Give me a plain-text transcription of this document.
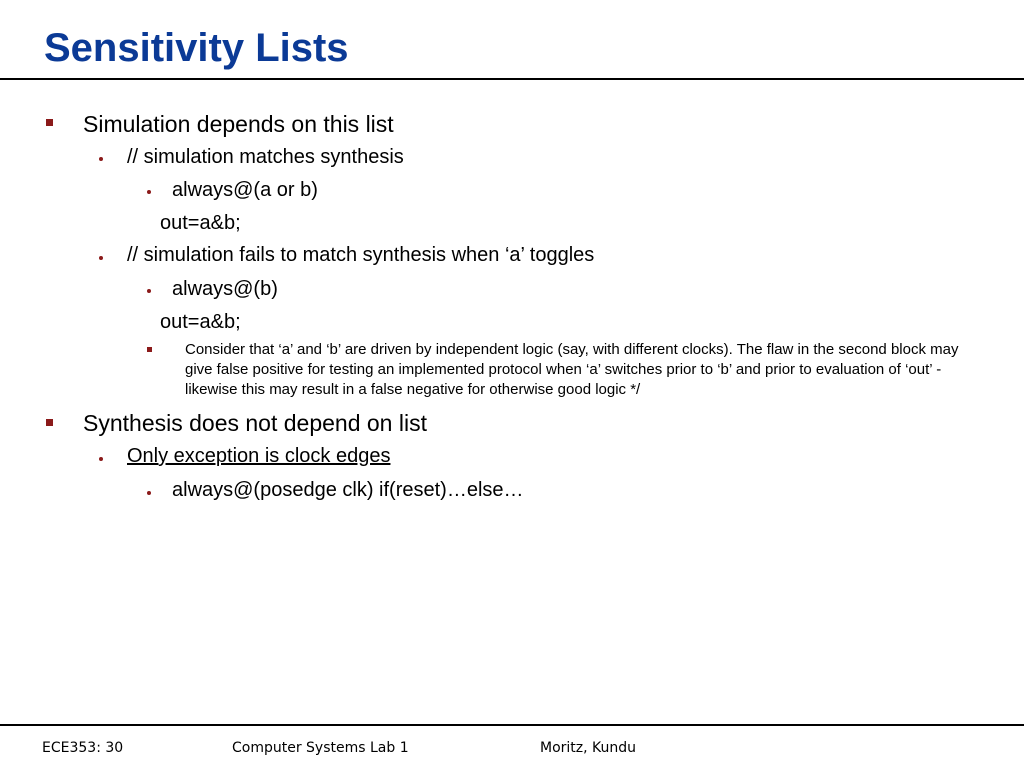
Sensitivity Lists
Simulation depends on this list
// simulation matches synthesis
always@(a or b)
out=a&b;
// simulation fails to match synthesis when ‘a’ toggles
always@(b)
out=a&b;
Consider that ‘a’ and ‘b’ are driven by independent logic (say, with different clocks). The flaw in the second block may give false positive for testing an implemented protocol when ‘a’ switches prior to ‘b’ and prior to evaluation of ‘out’ - likewise this may result in a false negative for otherwise good logic */
Synthesis does not depend on list
Only exception is clock edges
always@(posedge clk) if(reset)…else…
ECE353: 30	Computer Systems Lab 1	Moritz, Kundu
